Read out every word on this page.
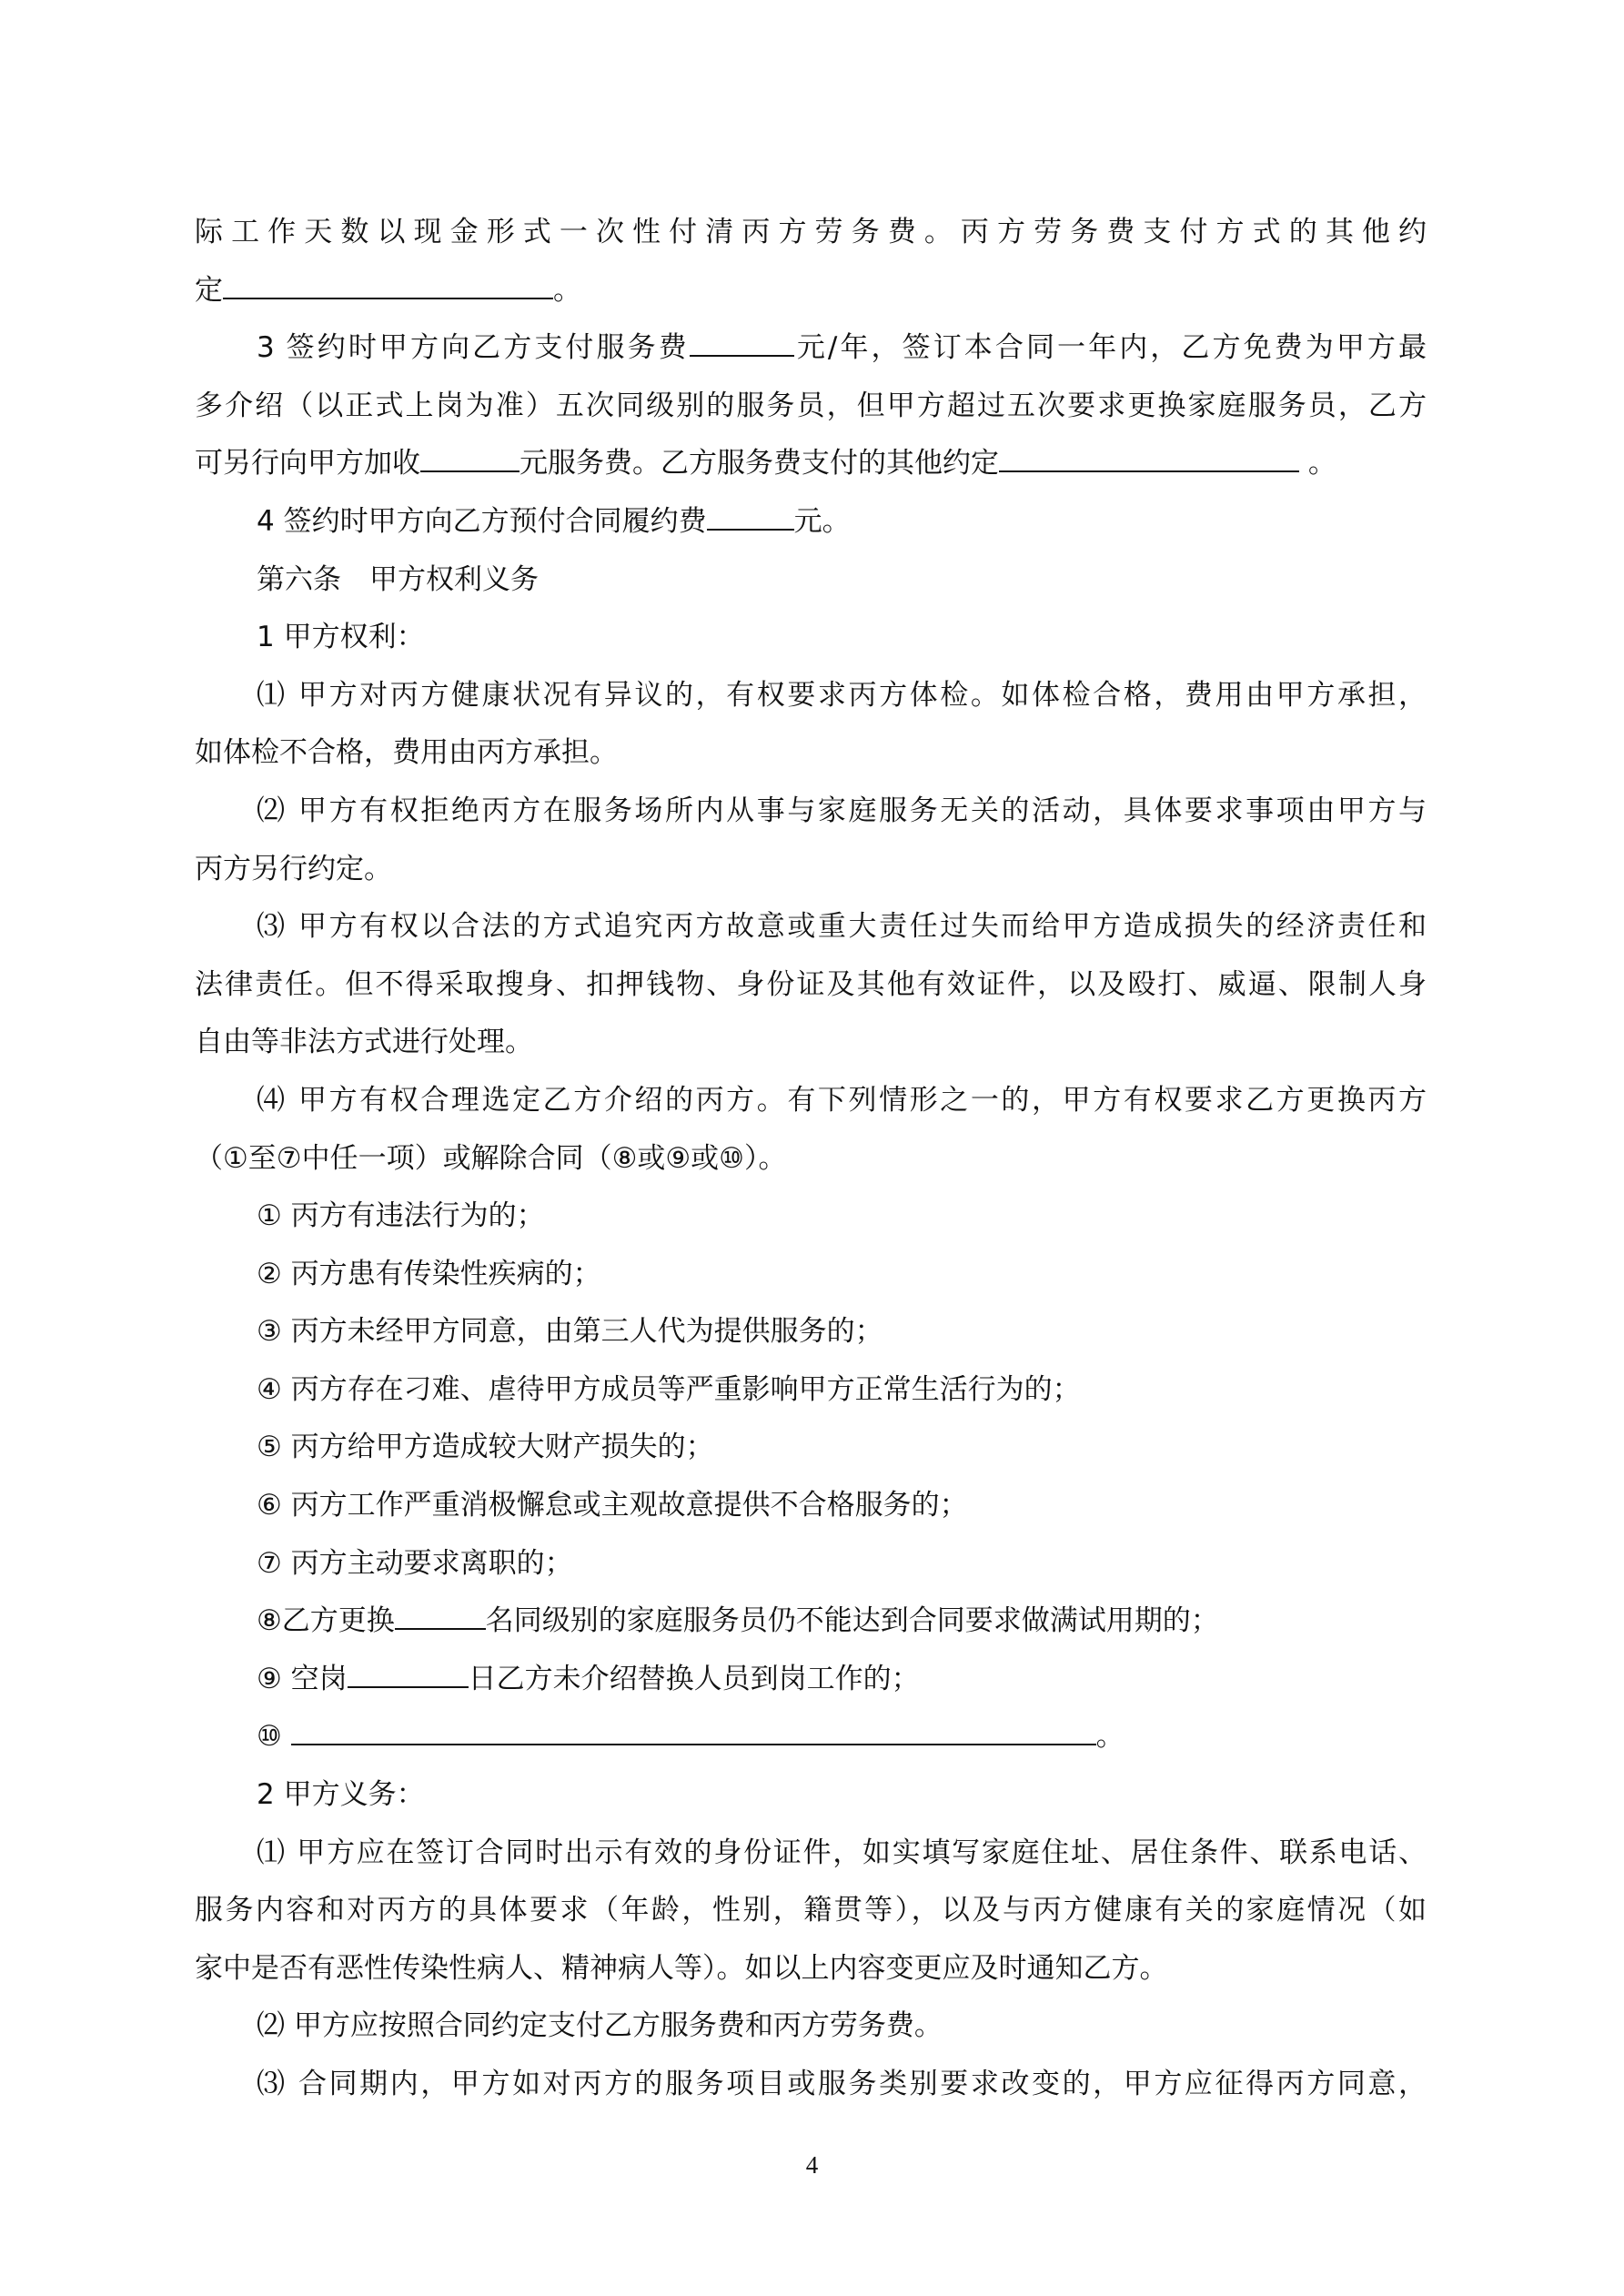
际工作天数以现金形式一次性付清丙方劳务费。丙方劳务费支付方式的其他约
定	。
3 签约时甲方向乙方支付服务费	元/年，签订本合同一年内，乙方免费为甲方最
多介绍（以正式上岗为准）五次同级别的服务员，但甲方超过五次要求更换家庭服务员，乙方
可另行向甲方加收	元服务费。乙方服务费支付的其他约定	。
4 签约时甲方向乙方预付合同履约费	元。
第六条　甲方权利义务
1 甲方权利：
⑴ 甲方对丙方健康状况有异议的，有权要求丙方体检。如体检合格，费用由甲方承担，
如体检不合格，费用由丙方承担。
⑵ 甲方有权拒绝丙方在服务场所内从事与家庭服务无关的活动，具体要求事项由甲方与
丙方另行约定。
⑶ 甲方有权以合法的方式追究丙方故意或重大责任过失而给甲方造成损失的经济责任和
法律责任。但不得采取搜身、扣押钱物、身份证及其他有效证件，以及殴打、威逼、限制人身
自由等非法方式进行处理。
⑷ 甲方有权合理选定乙方介绍的丙方。有下列情形之一的，甲方有权要求乙方更换丙方
（①至⑦中任一项）或解除合同（⑧或⑨或⑩）。
① 丙方有违法行为的；
② 丙方患有传染性疾病的；
③ 丙方未经甲方同意，由第三人代为提供服务的；
④ 丙方存在刁难、虐待甲方成员等严重影响甲方正常生活行为的；
⑤ 丙方给甲方造成较大财产损失的；
⑥ 丙方工作严重消极懈怠或主观故意提供不合格服务的；
⑦ 丙方主动要求离职的；
⑧乙方更换	名同级别的家庭服务员仍不能达到合同要求做满试用期的；
⑨ 空岗	日乙方未介绍替换人员到岗工作的；
⑩	。
2 甲方义务：
⑴ 甲方应在签订合同时出示有效的身份证件，如实填写家庭住址、居住条件、联系电话、
服务内容和对丙方的具体要求（年龄，性别，籍贯等），以及与丙方健康有关的家庭情况（如
家中是否有恶性传染性病人、精神病人等）。如以上内容变更应及时通知乙方。
⑵ 甲方应按照合同约定支付乙方服务费和丙方劳务费。
⑶ 合同期内，甲方如对丙方的服务项目或服务类别要求改变的，甲方应征得丙方同意，
4
